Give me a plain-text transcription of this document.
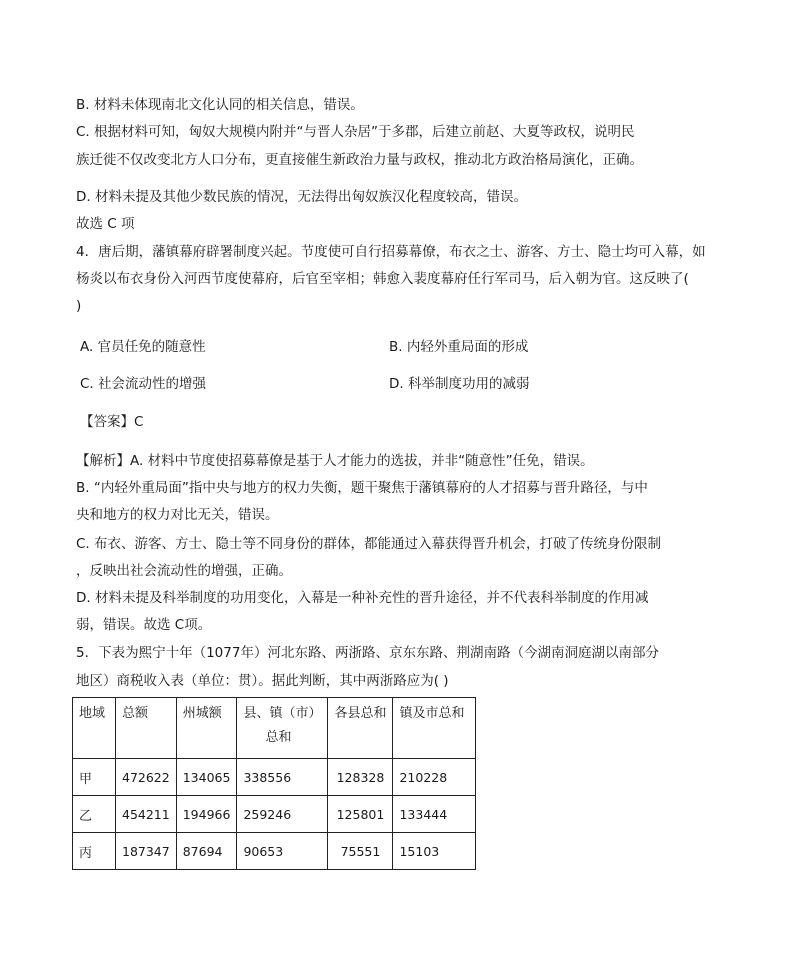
B. 材料未体现南北文化认同的相关信息，错误。
C. 根据材料可知，匈奴大规模内附并“与晋人杂居”于多郡，后建立前赵、大夏等政权，说明民
族迁徙不仅改变北方人口分布，更直接催生新政治力量与政权，推动北方政治格局演化，正确。
D. 材料未提及其他少数民族的情况，无法得出匈奴族汉化程度较高，错误。
故选 C 项
4．唐后期，藩镇幕府辟署制度兴起。节度使可自行招募幕僚，布衣之士、游客、方士、隐士均可入幕，如
杨炎以布衣身份入河西节度使幕府，后官至宰相；韩愈入裴度幕府任行军司马，后入朝为官。这反映了(
)
A. 官员任免的随意性	B. 内轻外重局面的形成
C. 社会流动性的增强	D. 科举制度功用的减弱
【答案】C
【解析】A. 材料中节度使招募幕僚是基于人才能力的选拔，并非“随意性”任免，错误。
B. “内轻外重局面”指中央与地方的权力失衡，题干聚焦于藩镇幕府的人才招募与晋升路径，与中
央和地方的权力对比无关，错误。
C. 布衣、游客、方士、隐士等不同身份的群体，都能通过入幕获得晋升机会，打破了传统身份限制
，反映出社会流动性的增强，正确。
D. 材料未提及科举制度的功用变化，入幕是一种补充性的晋升途径，并不代表科举制度的作用减
弱，错误。故选 C项。
5．下表为熙宁十年（1077年）河北东路、两浙路、京东东路、荆湖南路（今湖南洞庭湖以南部分
地区）商税收入表（单位：贯）。据此判断，其中两浙路应为( )
地域	总额	州城额	县、镇（市）
总和	各县总和	镇及市总和
甲	472622	134065	338556	128328	210228
乙	454211	194966	259246	125801	133444
丙	187347	87694	90653	75551	15103
